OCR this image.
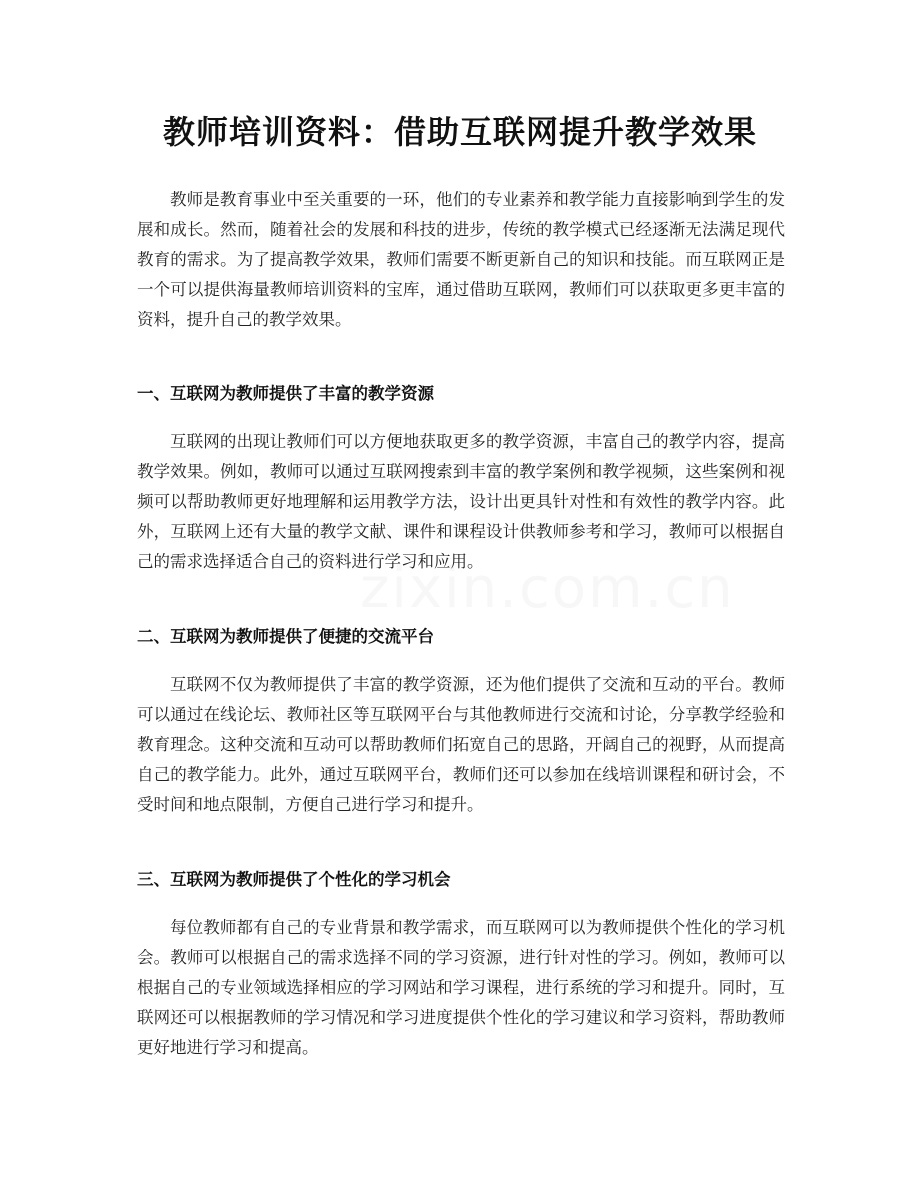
zixin.com.cn
教师培训资料：借助互联网提升教学效果

教师是教育事业中至关重要的一环，他们的专业素养和教学能力直接影响到学生的发展和成长。然而，随着社会的发展和科技的进步，传统的教学模式已经逐渐无法满足现代教育的需求。为了提高教学效果，教师们需要不断更新自己的知识和技能。而互联网正是一个可以提供海量教师培训资料的宝库，通过借助互联网，教师们可以获取更多更丰富的资料，提升自己的教学效果。

一、互联网为教师提供了丰富的教学资源

互联网的出现让教师们可以方便地获取更多的教学资源，丰富自己的教学内容，提高教学效果。例如，教师可以通过互联网搜索到丰富的教学案例和教学视频，这些案例和视频可以帮助教师更好地理解和运用教学方法，设计出更具针对性和有效性的教学内容。此外，互联网上还有大量的教学文献、课件和课程设计供教师参考和学习，教师可以根据自己的需求选择适合自己的资料进行学习和应用。

二、互联网为教师提供了便捷的交流平台

互联网不仅为教师提供了丰富的教学资源，还为他们提供了交流和互动的平台。教师可以通过在线论坛、教师社区等互联网平台与其他教师进行交流和讨论，分享教学经验和教育理念。这种交流和互动可以帮助教师们拓宽自己的思路，开阔自己的视野，从而提高自己的教学能力。此外，通过互联网平台，教师们还可以参加在线培训课程和研讨会，不受时间和地点限制，方便自己进行学习和提升。

三、互联网为教师提供了个性化的学习机会

每位教师都有自己的专业背景和教学需求，而互联网可以为教师提供个性化的学习机会。教师可以根据自己的需求选择不同的学习资源，进行针对性的学习。例如，教师可以根据自己的专业领域选择相应的学习网站和学习课程，进行系统的学习和提升。同时，互联网还可以根据教师的学习情况和学习进度提供个性化的学习建议和学习资料，帮助教师更好地进行学习和提高。
